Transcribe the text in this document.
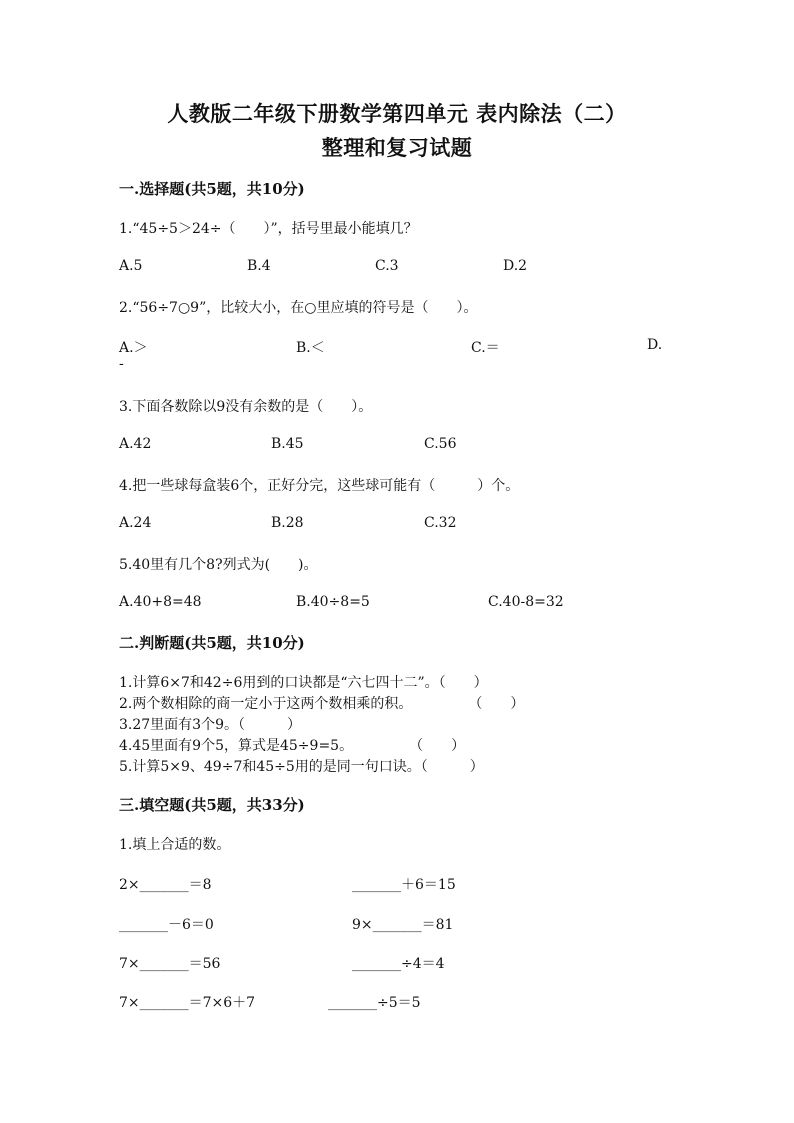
人教版二年级下册数学第四单元 表内除法（二）
整理和复习试题
一.选择题(共5题，共10分)
1.“45÷5＞24÷（　　）”，括号里最小能填几？
A.5	B.4	C.3	D.2
2.“56÷7○9”，比较大小，在○里应填的符号是（　　）。
A.＞	B.＜	C.＝	D.
-
3.下面各数除以9没有余数的是（　　）。
A.42	B.45	C.56
4.把一些球每盒装6个，正好分完，这些球可能有（　　　）个。
A.24	B.28	C.32
5.40里有几个8?列式为(　　)。
A.40+8=48	B.40÷8=5	C.40-8=32
二.判断题(共5题，共10分)
1.计算6×7和42÷6用到的口诀都是“六七四十二”。（　　）
2.两个数相除的商一定小于这两个数相乘的积。　　　　　（　　）
3.27里面有3个9。（　　　）
4.45里面有9个5，算式是45÷9=5。　　　　　（　　）
5.计算5×9、49÷7和45÷5用的是同一句口诀。（　　　）
三.填空题(共5题，共33分)
1.填上合适的数。
2×_______＝8	_______＋6＝15
_______－6＝0	9×_______＝81
7×_______＝56	_______÷4＝4
7×_______＝7×6＋7	_______÷5＝5
